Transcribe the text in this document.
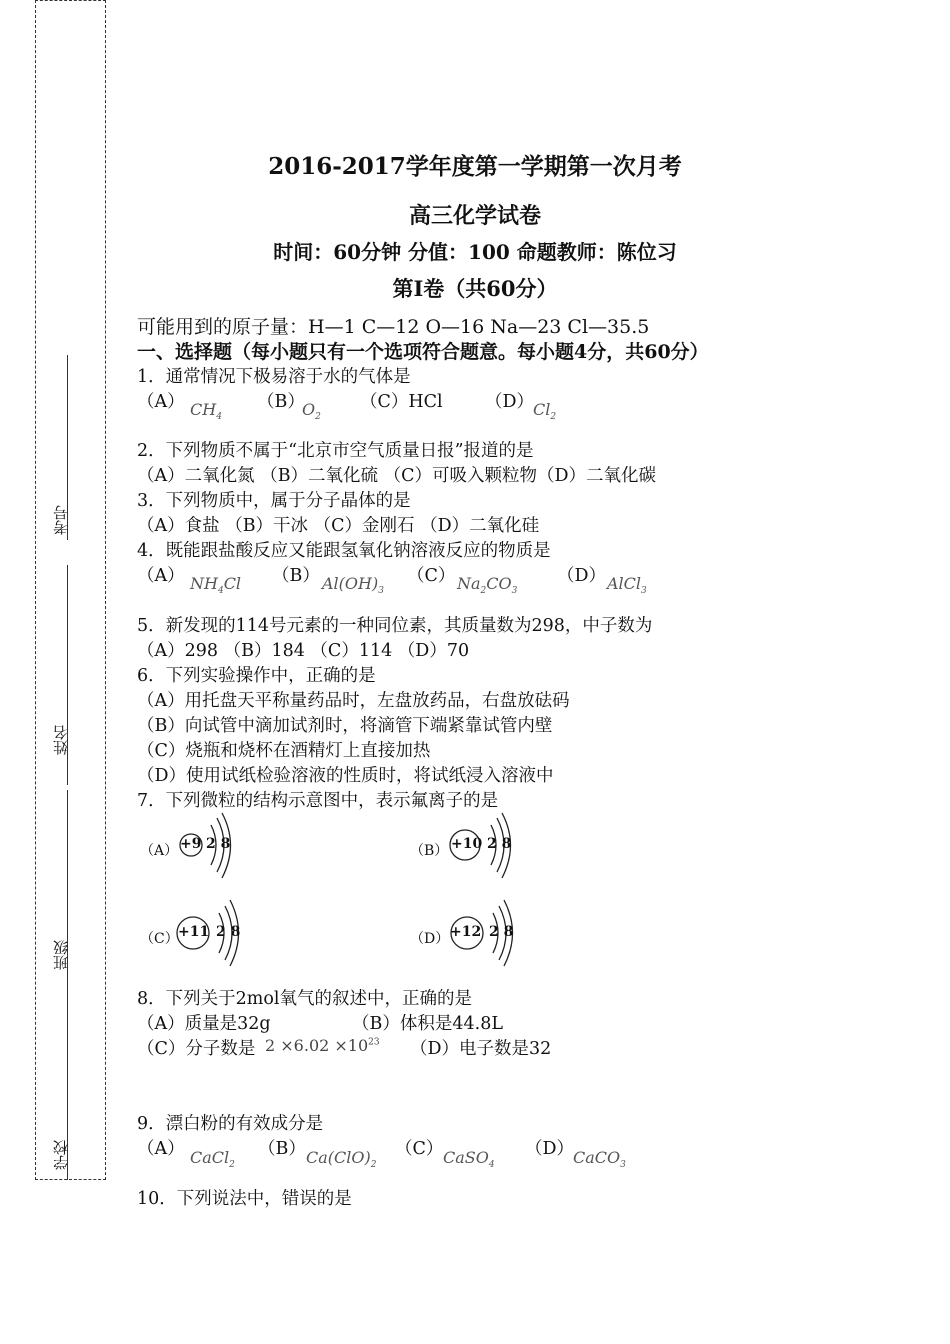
考号
姓名
班级
学校
2016-2017学年度第一学期第一次月考
高三化学试卷
时间：60分钟 分值：100 命题教师：陈位习
第Ⅰ卷（共60分）
可能用到的原子量：H—1 C—12 O—16 Na—23 Cl—35.5
一、选择题（每小题只有一个选项符合题意。每小题4分，共60分）
1．通常情况下极易溶于水的气体是
（A） $CH_4$
（B）
$O_2$
（C）HCl （D）
$Cl_2$
2．下列物质不属于“北京市空气质量日报”报道的是
（A）二氧化氮 （B）二氧化硫 （C）可吸入颗粒物（D）二氧化碳
3．下列物质中，属于分子晶体的是
（A）食盐 （B）干冰 （C）金刚石 （D）二氧化硅
4．既能跟盐酸反应又能跟氢氧化钠溶液反应的物质是
（A） $NH_4Cl$ （B） $Al(OH)_3$
（C） $Na_2CO_3$
（D） AlCl$_3$
5．新发现的114号元素的一种同位素，其质量数为298，中子数为
（A）298 （B）184 （C）114 （D）70
6．下列实验操作中，正确的是
（A）用托盘天平称量药品时，左盘放药品，右盘放砝码
（B）向试管中滴加试剂时，将滴管下端紧靠试管内壁
（C）烧瓶和烧杯在酒精灯上直接加热
（D）使用试纸检验溶液的性质时，将试纸浸入溶液中
7．下列微粒的结构示意图中，表示氟离子的是
（A） +9 2 8	（B） +10 2 8
（C） +11 2 8	（D） +12 2 8
8．下列关于2mol氧气的叙述中，正确的是
（A）质量是32g	（B）体积是44.8L
（C）分子数是 $2 \times 6.02 \times 10^{23}$ （D）电子数是32
9．漂白粉的有效成分是
（A） CaCl$_2$
（B） $Ca(ClO)_2$
（C） CaSO$_4$
（D）
CaCO$_3$
10．下列说法中，错误的是
